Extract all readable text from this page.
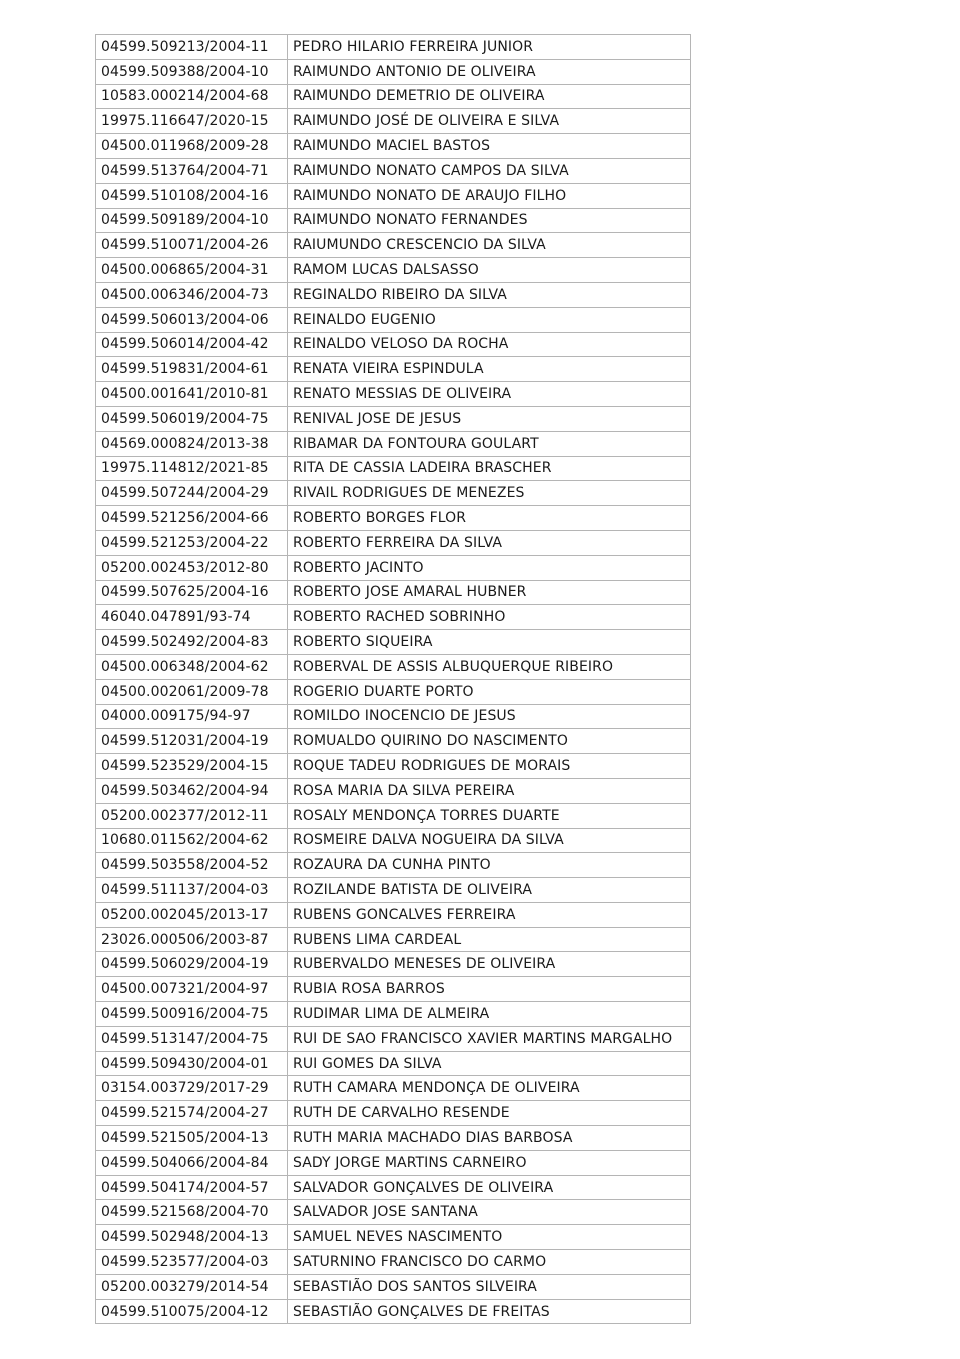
04599.509213/2004-11	PEDRO HILARIO FERREIRA JUNIOR
04599.509388/2004-10	RAIMUNDO ANTONIO DE OLIVEIRA
10583.000214/2004-68	RAIMUNDO DEMETRIO DE OLIVEIRA
19975.116647/2020-15	RAIMUNDO JOSÉ DE OLIVEIRA E SILVA
04500.011968/2009-28	RAIMUNDO MACIEL BASTOS
04599.513764/2004-71	RAIMUNDO NONATO CAMPOS DA SILVA
04599.510108/2004-16	RAIMUNDO NONATO DE ARAUJO FILHO
04599.509189/2004-10	RAIMUNDO NONATO FERNANDES
04599.510071/2004-26	RAIUMUNDO CRESCENCIO DA SILVA
04500.006865/2004-31	RAMOM LUCAS DALSASSO
04500.006346/2004-73	REGINALDO RIBEIRO DA SILVA
04599.506013/2004-06	REINALDO EUGENIO
04599.506014/2004-42	REINALDO VELOSO DA ROCHA
04599.519831/2004-61	RENATA VIEIRA ESPINDULA
04500.001641/2010-81	RENATO MESSIAS DE OLIVEIRA
04599.506019/2004-75	RENIVAL JOSE DE JESUS
04569.000824/2013-38	RIBAMAR DA FONTOURA GOULART
19975.114812/2021-85	RITA DE CASSIA LADEIRA BRASCHER
04599.507244/2004-29	RIVAIL RODRIGUES DE MENEZES
04599.521256/2004-66	ROBERTO BORGES FLOR
04599.521253/2004-22	ROBERTO FERREIRA DA SILVA
05200.002453/2012-80	ROBERTO JACINTO
04599.507625/2004-16	ROBERTO JOSE AMARAL HUBNER
46040.047891/93-74	ROBERTO RACHED SOBRINHO
04599.502492/2004-83	ROBERTO SIQUEIRA
04500.006348/2004-62	ROBERVAL DE ASSIS ALBUQUERQUE RIBEIRO
04500.002061/2009-78	ROGERIO DUARTE PORTO
04000.009175/94-97	ROMILDO INOCENCIO DE JESUS
04599.512031/2004-19	ROMUALDO QUIRINO DO NASCIMENTO
04599.523529/2004-15	ROQUE TADEU RODRIGUES DE MORAIS
04599.503462/2004-94	ROSA MARIA DA SILVA PEREIRA
05200.002377/2012-11	ROSALY MENDONÇA TORRES DUARTE
10680.011562/2004-62	ROSMEIRE DALVA NOGUEIRA DA SILVA
04599.503558/2004-52	ROZAURA DA CUNHA PINTO
04599.511137/2004-03	ROZILANDE BATISTA DE OLIVEIRA
05200.002045/2013-17	RUBENS GONCALVES FERREIRA
23026.000506/2003-87	RUBENS LIMA CARDEAL
04599.506029/2004-19	RUBERVALDO MENESES DE OLIVEIRA
04500.007321/2004-97	RUBIA ROSA BARROS
04599.500916/2004-75	RUDIMAR LIMA DE ALMEIRA
04599.513147/2004-75	RUI DE SAO FRANCISCO XAVIER MARTINS MARGALHO
04599.509430/2004-01	RUI GOMES DA SILVA
03154.003729/2017-29	RUTH CAMARA MENDONÇA DE OLIVEIRA
04599.521574/2004-27	RUTH DE CARVALHO RESENDE
04599.521505/2004-13	RUTH MARIA MACHADO DIAS BARBOSA
04599.504066/2004-84	SADY JORGE MARTINS CARNEIRO
04599.504174/2004-57	SALVADOR GONÇALVES DE OLIVEIRA
04599.521568/2004-70	SALVADOR JOSE SANTANA
04599.502948/2004-13	SAMUEL NEVES NASCIMENTO
04599.523577/2004-03	SATURNINO FRANCISCO DO CARMO
05200.003279/2014-54	SEBASTIÃO DOS SANTOS SILVEIRA
04599.510075/2004-12	SEBASTIÃO GONÇALVES DE FREITAS
